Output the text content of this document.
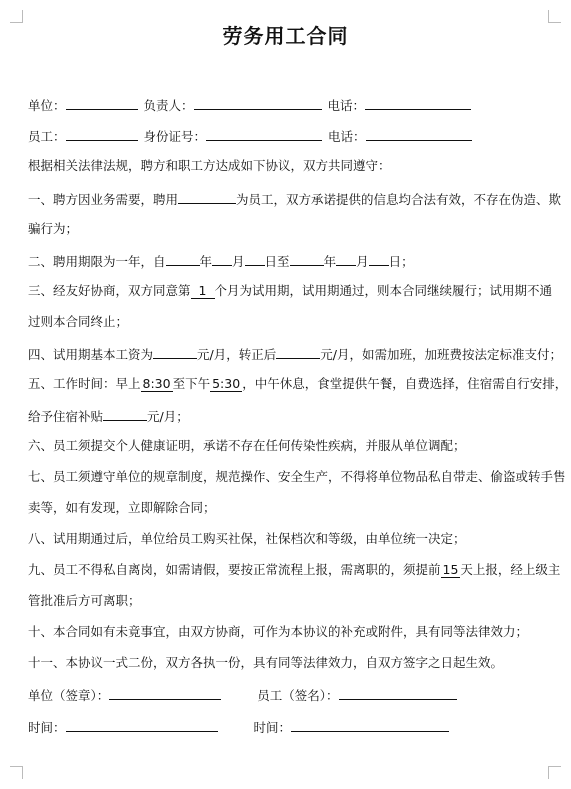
劳务用工合同
单位：	负责人：	电话：
员工：	身份证号：	电话：
根据相关法律法规，聘方和职工方达成如下协议，双方共同遵守：
一、聘方因业务需要，聘用	为员工，双方承诺提供的信息均合法有效，不存在伪造、欺
骗行为；
二、聘用期限为一年，自	年 月 日至	年 月 日；
三、经友好协商，双方同意第 1 个月为试用期，试用期通过，则本合同继续履行；试用期不通
过则本合同终止；
四、试用期基本工资为	元/月，转正后	元/月，如需加班，加班费按法定标准支付；
五、工作时间：早上 8:30 至下午 5:30 ，中午休息，食堂提供午餐，自费选择，住宿需自行安排，
给予住宿补贴	元/月；
六、员工须提交个人健康证明，承诺不存在任何传染性疾病，并服从单位调配；
七、员工须遵守单位的规章制度，规范操作、安全生产，不得将单位物品私自带走、偷盗或转手售
卖等，如有发现，立即解除合同；
八、试用期通过后，单位给员工购买社保，社保档次和等级，由单位统一决定；
九、员工不得私自离岗，如需请假，要按正常流程上报，需离职的，须提前 15 天上报，经上级主
管批准后方可离职；
十、本合同如有未竟事宜，由双方协商，可作为本协议的补充或附件，具有同等法律效力；
十一、本协议一式二份，双方各执一份，具有同等法律效力，自双方签字之日起生效。
单位（签章）：	员工（签名）：
时间：	时间：
